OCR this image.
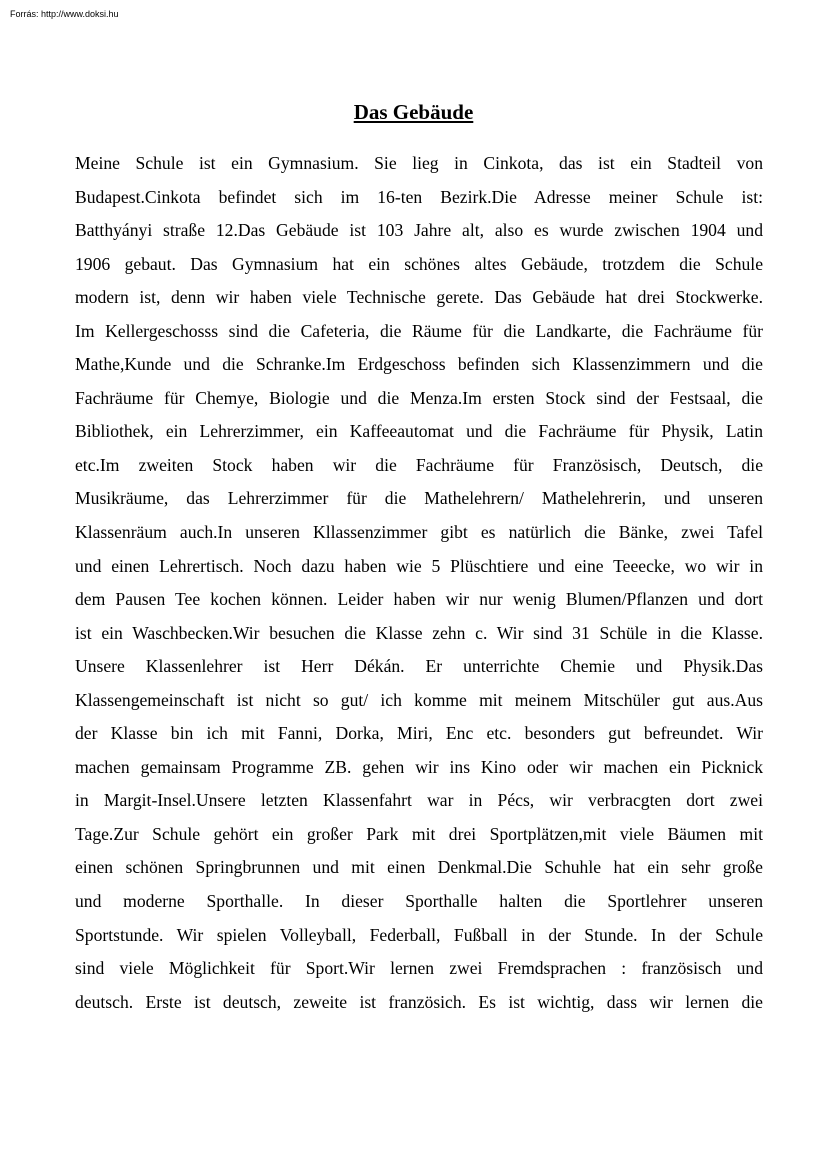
Forrás: http://www.doksi.hu

Das Gebäude
Meine Schule ist ein Gymnasium. Sie lieg in Cinkota, das ist ein Stadteil von
Budapest.Cinkota befindet sich im 16-ten Bezirk.Die Adresse meiner Schule ist:
Batthyányi straße 12.Das Gebäude ist 103 Jahre alt, also es wurde zwischen 1904 und
1906 gebaut. Das Gymnasium hat ein schönes altes Gebäude, trotzdem die Schule
modern ist, denn wir haben viele Technische gerete. Das Gebäude hat drei Stockwerke.
Im Kellergeschosss sind die Cafeteria, die Räume für die Landkarte, die Fachräume für
Mathe,Kunde und die Schranke.Im Erdgeschoss befinden sich Klassenzimmern und die
Fachräume für Chemye, Biologie und die Menza.Im ersten Stock sind der Festsaal, die
Bibliothek, ein Lehrerzimmer, ein Kaffeeautomat und die Fachräume für Physik, Latin
etc.Im zweiten Stock haben wir die Fachräume für Französisch, Deutsch, die
Musikräume, das Lehrerzimmer für die Mathelehrern/ Mathelehrerin, und unseren
Klassenräum auch.In unseren Kllassenzimmer gibt es natürlich die Bänke, zwei Tafel
und einen Lehrertisch. Noch dazu haben wie 5 Plüschtiere und eine Teeecke, wo wir in
dem Pausen Tee kochen können. Leider haben wir nur wenig Blumen/Pflanzen und dort
ist ein Waschbecken.Wir besuchen die Klasse zehn c. Wir sind 31 Schüle in die Klasse.
Unsere Klassenlehrer ist Herr Dékán. Er unterrichte Chemie und Physik.Das
Klassengemeinschaft ist nicht so gut/ ich komme mit meinem Mitschüler gut aus.Aus
der Klasse bin ich mit Fanni, Dorka, Miri, Enc etc. besonders gut befreundet. Wir
machen gemainsam Programme ZB. gehen wir ins Kino oder wir machen ein Picknick
in Margit-Insel.Unsere letzten Klassenfahrt war in Pécs, wir verbracgten dort zwei
Tage.Zur Schule gehört ein großer Park mit drei Sportplätzen,mit viele Bäumen mit
einen schönen Springbrunnen und mit einen Denkmal.Die Schuhle hat ein sehr große
und moderne Sporthalle. In dieser Sporthalle halten die Sportlehrer unseren
Sportstunde. Wir spielen Volleyball, Federball, Fußball in der Stunde. In der Schule
sind viele Möglichkeit für Sport.Wir lernen zwei Fremdsprachen : französisch und
deutsch. Erste ist deutsch, zeweite ist französich. Es ist wichtig, dass wir lernen die
